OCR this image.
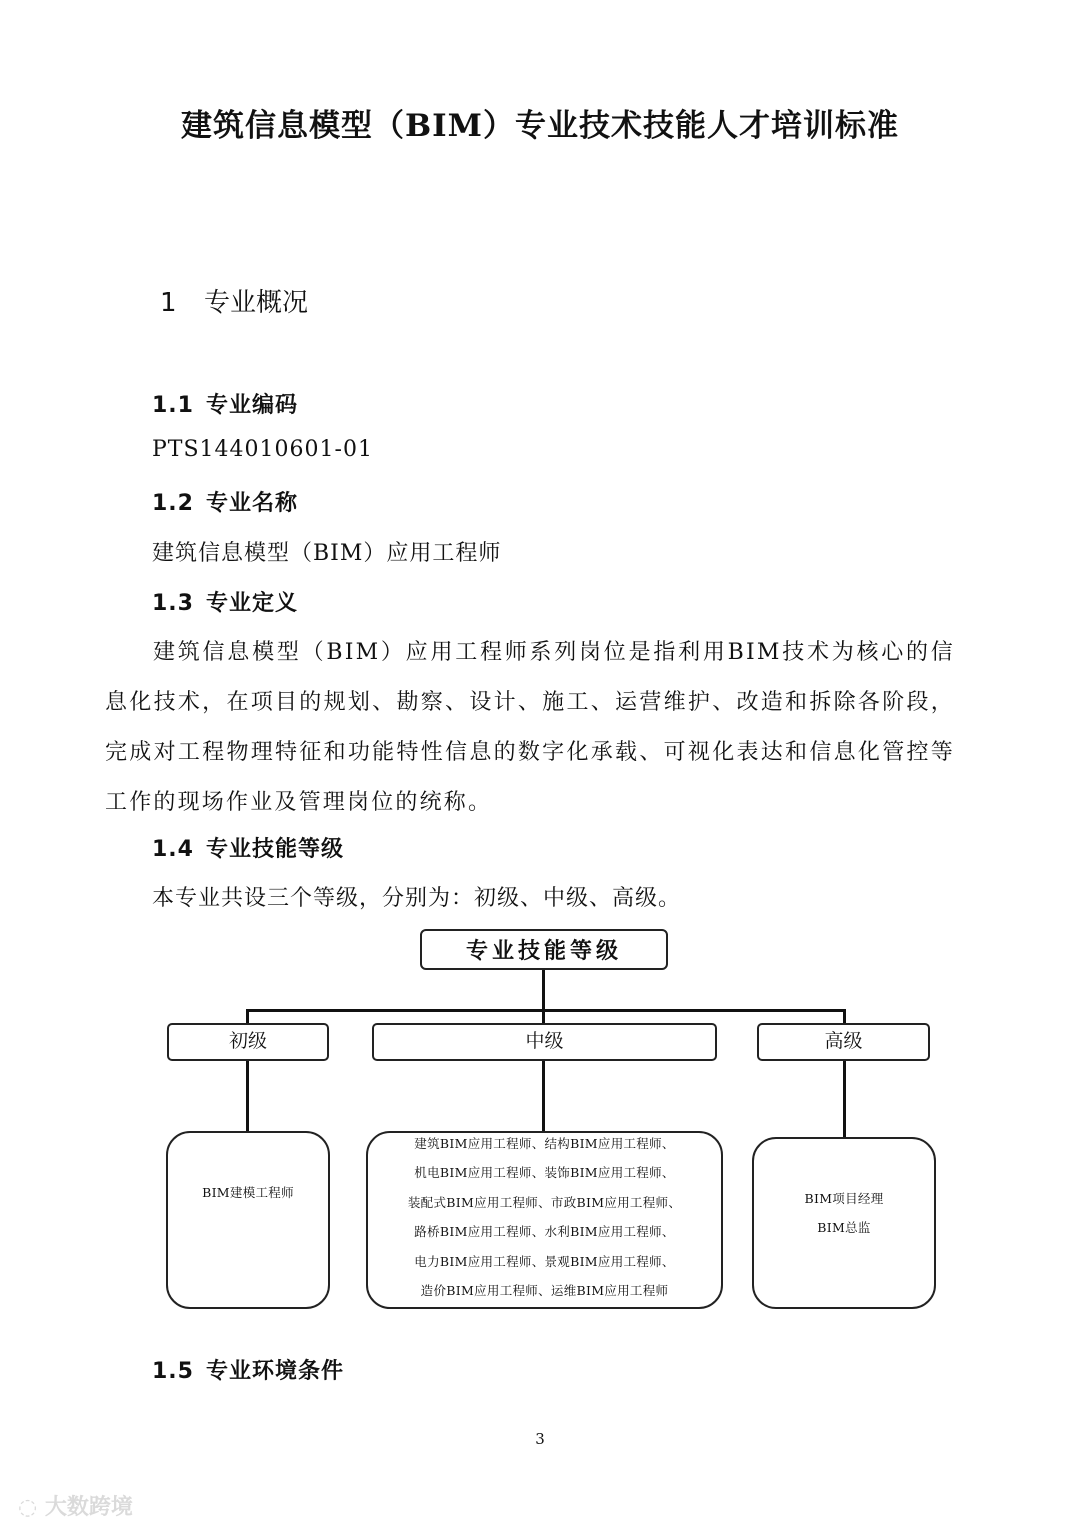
建筑信息模型（BIM）专业技术技能人才培训标准
1 专业概况
1.1 专业编码
PTS144010601-01
1.2 专业名称
建筑信息模型（BIM）应用工程师
1.3 专业定义
建筑信息模型（BIM）应用工程师系列岗位是指利用BIM技术为核心的信息化技术，在项目的规划、勘察、设计、施工、运营维护、改造和拆除各阶段，完成对工程物理特征和功能特性信息的数字化承载、可视化表达和信息化管控等工作的现场作业及管理岗位的统称。
1.4 专业技能等级
本专业共设三个等级，分别为：初级、中级、高级。
专业技能等级
初级	中级	高级
BIM建模工程师
建筑BIM应用工程师、结构BIM应用工程师、
机电BIM应用工程师、装饰BIM应用工程师、
装配式BIM应用工程师、市政BIM应用工程师、
路桥BIM应用工程师、水利BIM应用工程师、
电力BIM应用工程师、景观BIM应用工程师、
造价BIM应用工程师、运维BIM应用工程师
BIM项目经理
BIM总监
1.5 专业环境条件
3
◌ 大数跨境
